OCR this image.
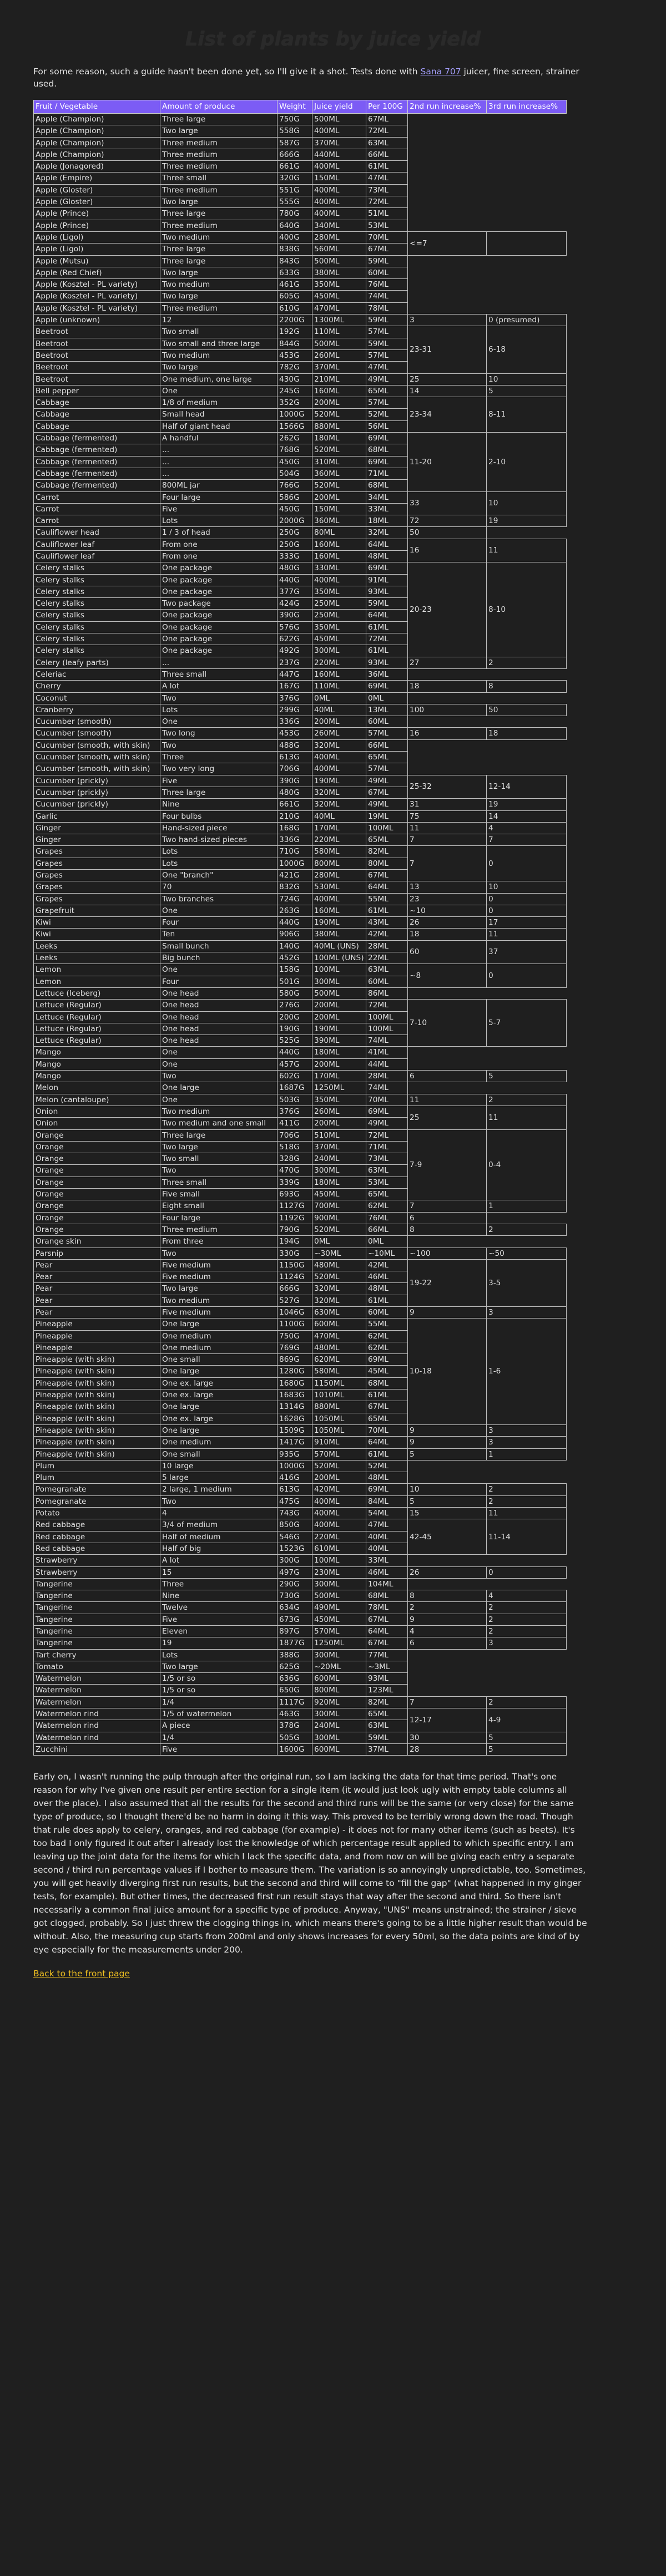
List of plants by juice yield

For some reason, such a guide hasn't been done yet, so I'll give it a shot. Tests done with Sana 707 juicer, fine screen, strainer used.

Fruit / Vegetable	Amount of produce	Weight	Juice yield	Per 100G	2nd run increase%	3rd run increase%
Apple (Champion)	Three large	750G	500ML	67ML		
Apple (Champion)	Two large	558G	400ML	72ML		
Apple (Champion)	Three medium	587G	370ML	63ML		
Apple (Champion)	Three medium	666G	440ML	66ML		
Apple (Jonagored)	Three medium	661G	400ML	61ML		
Apple (Empire)	Three small	320G	150ML	47ML		
Apple (Gloster)	Three medium	551G	400ML	73ML		
Apple (Gloster)	Two large	555G	400ML	72ML		
Apple (Prince)	Three large	780G	400ML	51ML		
Apple (Prince)	Three medium	640G	340ML	53ML		
Apple (Ligol)	Two medium	400G	280ML	70ML	<=7	
Apple (Ligol)	Three large	838G	560ML	67ML		
Apple (Mutsu)	Three large	843G	500ML	59ML		
Apple (Red Chief)	Two large	633G	380ML	60ML		
Apple (Kosztel - PL variety)	Two medium	461G	350ML	76ML		
Apple (Kosztel - PL variety)	Two large	605G	450ML	74ML		
Apple (Kosztel - PL variety)	Three medium	610G	470ML	78ML		
Apple (unknown)	12	2200G	1300ML	59ML	3	0 (presumed)
Beetroot	Two small	192G	110ML	57ML	23-31	6-18
Beetroot	Two small and three large	844G	500ML	59ML		
Beetroot	Two medium	453G	260ML	57ML		
Beetroot	Two large	782G	370ML	47ML		
Beetroot	One medium, one large	430G	210ML	49ML	25	10
Bell pepper	One	245G	160ML	65ML	14	5
Cabbage	1/8 of medium	352G	200ML	57ML	23-34	8-11
Cabbage	Small head	1000G	520ML	52ML		
Cabbage	Half of giant head	1566G	880ML	56ML		
Cabbage (fermented)	A handful	262G	180ML	69ML	11-20	2-10
Cabbage (fermented)	...	768G	520ML	68ML		
Cabbage (fermented)	...	450G	310ML	69ML		
Cabbage (fermented)	...	504G	360ML	71ML		
Cabbage (fermented)	800ML jar	766G	520ML	68ML		
Carrot	Four large	586G	200ML	34ML	33	10
Carrot	Five	450G	150ML	33ML		
Carrot	Lots	2000G	360ML	18ML	72	19
Cauliflower head	1 / 3 of head	250G	80ML	32ML	50	
Cauliflower leaf	From one	250G	160ML	64ML	16	11
Cauliflower leaf	From one	333G	160ML	48ML		
Celery stalks	One package	480G	330ML	69ML	20-23	8-10
Celery stalks	One package	440G	400ML	91ML		
Celery stalks	One package	377G	350ML	93ML		
Celery stalks	Two package	424G	250ML	59ML		
Celery stalks	One package	390G	250ML	64ML		
Celery stalks	One package	576G	350ML	61ML		
Celery stalks	One package	622G	450ML	72ML		
Celery stalks	One package	492G	300ML	61ML		
Celery (leafy parts)	...	237G	220ML	93ML	27	2
Celeriac	Three small	447G	160ML	36ML		
Cherry	A lot	167G	110ML	69ML	18	8
Coconut	Two	376G	0ML	0ML		
Cranberry	Lots	299G	40ML	13ML	100	50
Cucumber (smooth)	One	336G	200ML	60ML		
Cucumber (smooth)	Two long	453G	260ML	57ML	16	18
Cucumber (smooth, with skin)	Two	488G	320ML	66ML		
Cucumber (smooth, with skin)	Three	613G	400ML	65ML		
Cucumber (smooth, with skin)	Two very long	706G	400ML	57ML		
Cucumber (prickly)	Five	390G	190ML	49ML	25-32	12-14
Cucumber (prickly)	Three large	480G	320ML	67ML		
Cucumber (prickly)	Nine	661G	320ML	49ML	31	19
Garlic	Four bulbs	210G	40ML	19ML	75	14
Ginger	Hand-sized piece	168G	170ML	100ML	11	4
Ginger	Two hand-sized pieces	336G	220ML	65ML	7	7
Grapes	Lots	710G	580ML	82ML	7	0
Grapes	Lots	1000G	800ML	80ML		
Grapes	One "branch"	421G	280ML	67ML		
Grapes	70	832G	530ML	64ML	13	10
Grapes	Two branches	724G	400ML	55ML	23	0
Grapefruit	One	263G	160ML	61ML	~10	0
Kiwi	Four	440G	190ML	43ML	26	17
Kiwi	Ten	906G	380ML	42ML	18	11
Leeks	Small bunch	140G	40ML (UNS)	28ML	60	37
Leeks	Big bunch	452G	100ML (UNS)	22ML		
Lemon	One	158G	100ML	63ML	~8	0
Lemon	Four	501G	300ML	60ML		
Lettuce (Iceberg)	One head	580G	500ML	86ML		
Lettuce (Regular)	One head	276G	200ML	72ML	7-10	5-7
Lettuce (Regular)	One head	200G	200ML	100ML		
Lettuce (Regular)	One head	190G	190ML	100ML		
Lettuce (Regular)	One head	525G	390ML	74ML		
Mango	One	440G	180ML	41ML		
Mango	One	457G	200ML	44ML		
Mango	Two	602G	170ML	28ML	6	5
Melon	One large	1687G	1250ML	74ML		
Melon (cantaloupe)	One	503G	350ML	70ML	11	2
Onion	Two medium	376G	260ML	69ML	25	11
Onion	Two medium and one small	411G	200ML	49ML		
Orange	Three large	706G	510ML	72ML	7-9	0-4
Orange	Two large	518G	370ML	71ML		
Orange	Two small	328G	240ML	73ML		
Orange	Two	470G	300ML	63ML		
Orange	Three small	339G	180ML	53ML		
Orange	Five small	693G	450ML	65ML		
Orange	Eight small	1127G	700ML	62ML	7	1
Orange	Four large	1192G	900ML	76ML	6	
Orange	Three medium	790G	520ML	66ML	8	2
Orange skin	From three	194G	0ML	0ML		
Parsnip	Two	330G	~30ML	~10ML	~100	~50
Pear	Five medium	1150G	480ML	42ML	19-22	3-5
Pear	Five medium	1124G	520ML	46ML		
Pear	Two large	666G	320ML	48ML		
Pear	Two medium	527G	320ML	61ML		
Pear	Five medium	1046G	630ML	60ML	9	3
Pineapple	One large	1100G	600ML	55ML	10-18	1-6
Pineapple	One medium	750G	470ML	62ML		
Pineapple	One medium	769G	480ML	62ML		
Pineapple (with skin)	One small	869G	620ML	69ML		
Pineapple (with skin)	One large	1280G	580ML	45ML		
Pineapple (with skin)	One ex. large	1680G	1150ML	68ML		
Pineapple (with skin)	One ex. large	1683G	1010ML	61ML		
Pineapple (with skin)	One large	1314G	880ML	67ML		
Pineapple (with skin)	One ex. large	1628G	1050ML	65ML		
Pineapple (with skin)	One large	1509G	1050ML	70ML	9	3
Pineapple (with skin)	One medium	1417G	910ML	64ML	9	3
Pineapple (with skin)	One small	935G	570ML	61ML	5	1
Plum	10 large	1000G	520ML	52ML		
Plum	5 large	416G	200ML	48ML		
Pomegranate	2 large, 1 medium	613G	420ML	69ML	10	2
Pomegranate	Two	475G	400ML	84ML	5	2
Potato	4	743G	400ML	54ML	15	11
Red cabbage	3/4 of medium	850G	400ML	47ML	42-45	11-14
Red cabbage	Half of medium	546G	220ML	40ML		
Red cabbage	Half of big	1523G	610ML	40ML		
Strawberry	A lot	300G	100ML	33ML		
Strawberry	15	497G	230ML	46ML	26	0
Tangerine	Three	290G	300ML	104ML		
Tangerine	Nine	730G	500ML	68ML	8	4
Tangerine	Twelve	634G	490ML	78ML	2	2
Tangerine	Five	673G	450ML	67ML	9	2
Tangerine	Eleven	897G	570ML	64ML	4	2
Tangerine	19	1877G	1250ML	67ML	6	3
Tart cherry	Lots	388G	300ML	77ML		
Tomato	Two large	625G	~20ML	~3ML		
Watermelon	1/5 or so	636G	600ML	93ML		
Watermelon	1/5 or so	650G	800ML	123ML		
Watermelon	1/4	1117G	920ML	82ML	7	2
Watermelon rind	1/5 of watermelon	463G	300ML	65ML	12-17	4-9
Watermelon rind	A piece	378G	240ML	63ML		
Watermelon rind	1/4	505G	300ML	59ML	30	5
Zucchini	Five	1600G	600ML	37ML	28	5

Early on, I wasn't running the pulp through after the original run, so I am lacking the data for that time period. That's one reason for why I've given one result per entire section for a single item (it would just look ugly with empty table columns all over the place). I also assumed that all the results for the second and third runs will be the same (or very close) for the same type of produce, so I thought there'd be no harm in doing it this way. This proved to be terribly wrong down the road. Though that rule does apply to celery, oranges, and red cabbage (for example) - it does not for many other items (such as beets). It's too bad I only figured it out after I already lost the knowledge of which percentage result applied to which specific entry. I am leaving up the joint data for the items for which I lack the specific data, and from now on will be giving each entry a separate second / third run percentage values if I bother to measure them. The variation is so annoyingly unpredictable, too. Sometimes, you will get heavily diverging first run results, but the second and third will come to "fill the gap" (what happened in my ginger tests, for example). But other times, the decreased first run result stays that way after the second and third. So there isn't necessarily a common final juice amount for a specific type of produce. Anyway, "UNS" means unstrained; the strainer / sieve got clogged, probably. So I just threw the clogging things in, which means there's going to be a little higher result than would be without. Also, the measuring cup starts from 200ml and only shows increases for every 50ml, so the data points are kind of by eye especially for the measurements under 200.

Back to the front page
